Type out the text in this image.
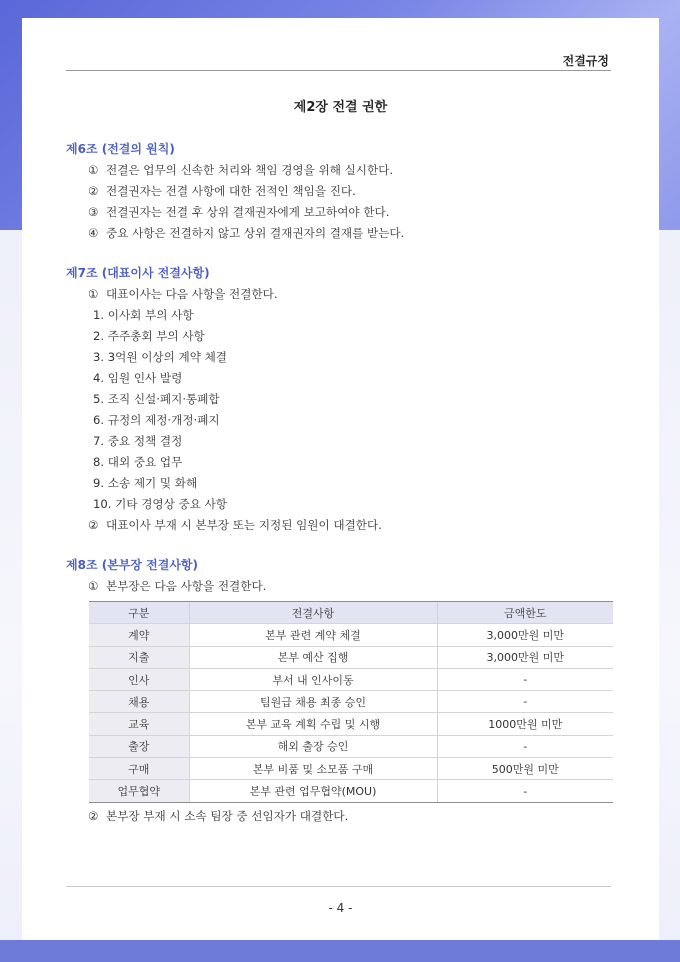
전결규정
제2장 전결 권한
제6조 (전결의 원칙)
① 전결은 업무의 신속한 처리와 책임 경영을 위해 실시한다.
② 전결권자는 전결 사항에 대한 전적인 책임을 진다.
③ 전결권자는 전결 후 상위 결재권자에게 보고하여야 한다.
④ 중요 사항은 전결하지 않고 상위 결재권자의 결재를 받는다.
제7조 (대표이사 전결사항)
① 대표이사는 다음 사항을 전결한다.
1. 이사회 부의 사항
2. 주주총회 부의 사항
3. 3억원 이상의 계약 체결
4. 임원 인사 발령
5. 조직 신설·폐지·통폐합
6. 규정의 제정·개정·폐지
7. 중요 정책 결정
8. 대외 중요 업무
9. 소송 제기 및 화해
10. 기타 경영상 중요 사항
② 대표이사 부재 시 본부장 또는 지정된 임원이 대결한다.
제8조 (본부장 전결사항)
① 본부장은 다음 사항을 전결한다.
구분	전결사항	금액한도
계약	본부 관련 계약 체결	3,000만원 미만
지출	본부 예산 집행	3,000만원 미만
인사	부서 내 인사이동	-
채용	팀원급 채용 최종 승인	-
교육	본부 교육 계획 수립 및 시행	1000만원 미만
출장	해외 출장 승인	-
구매	본부 비품 및 소모품 구매	500만원 미만
업무협약	본부 관련 업무협약(MOU)	-
② 본부장 부재 시 소속 팀장 중 선임자가 대결한다.
- 4 -
